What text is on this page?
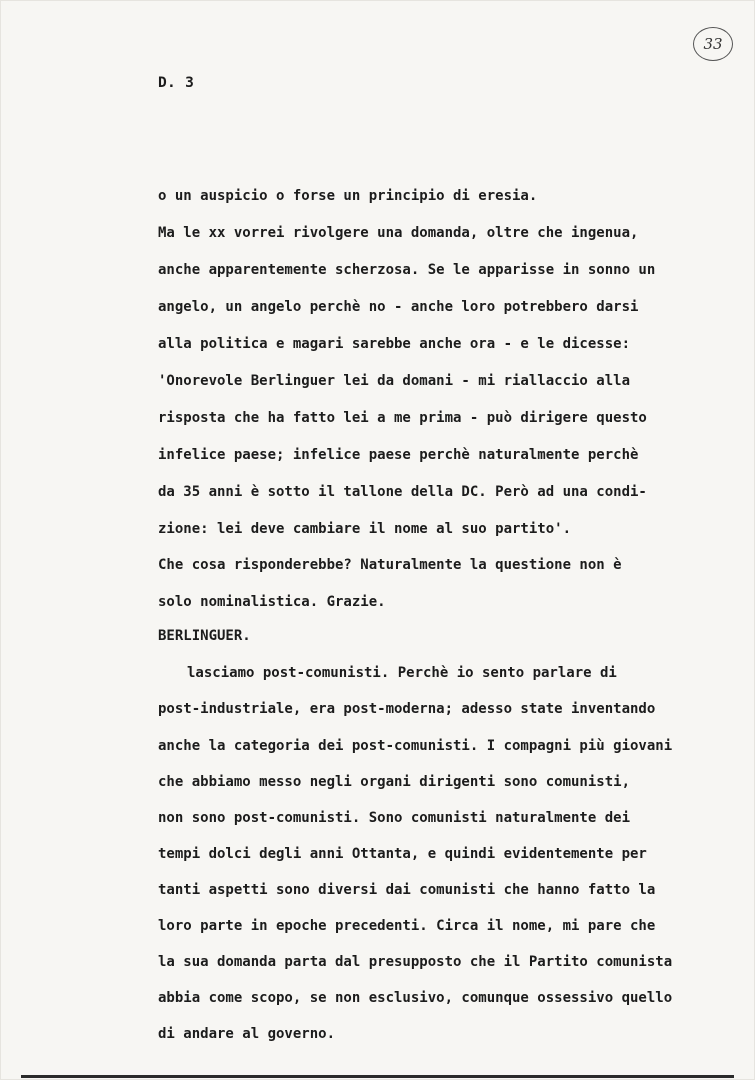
33
D. 3
o un auspicio o forse un principio di eresia.
Ma le xx vorrei rivolgere una domanda, oltre che ingenua,
anche apparentemente scherzosa. Se le apparisse in sonno un
angelo, un angelo perchè no - anche loro potrebbero darsi
alla politica e magari sarebbe anche ora - e le dicesse:
'Onorevole Berlinguer lei da domani - mi riallaccio alla
risposta che ha fatto lei a me prima - può dirigere questo
infelice paese; infelice paese perchè naturalmente perchè
da 35 anni è sotto il tallone della DC. Però ad una condi-
zione: lei deve cambiare il nome al suo partito'.
Che cosa risponderebbe? Naturalmente la questione non è
solo nominalistica. Grazie.
BERLINGUER.
lasciamo post-comunisti. Perchè io sento parlare di
post-industriale, era post-moderna; adesso state inventando
anche la categoria dei post-comunisti. I compagni più giovani
che abbiamo messo negli organi dirigenti sono comunisti,
non sono post-comunisti. Sono comunisti naturalmente dei
tempi dolci degli anni Ottanta, e quindi evidentemente per
tanti aspetti sono diversi dai comunisti che hanno fatto la
loro parte in epoche precedenti. Circa il nome, mi pare che
la sua domanda parta dal presupposto che il Partito comunista
abbia come scopo, se non esclusivo, comunque ossessivo quello
di andare al governo.
